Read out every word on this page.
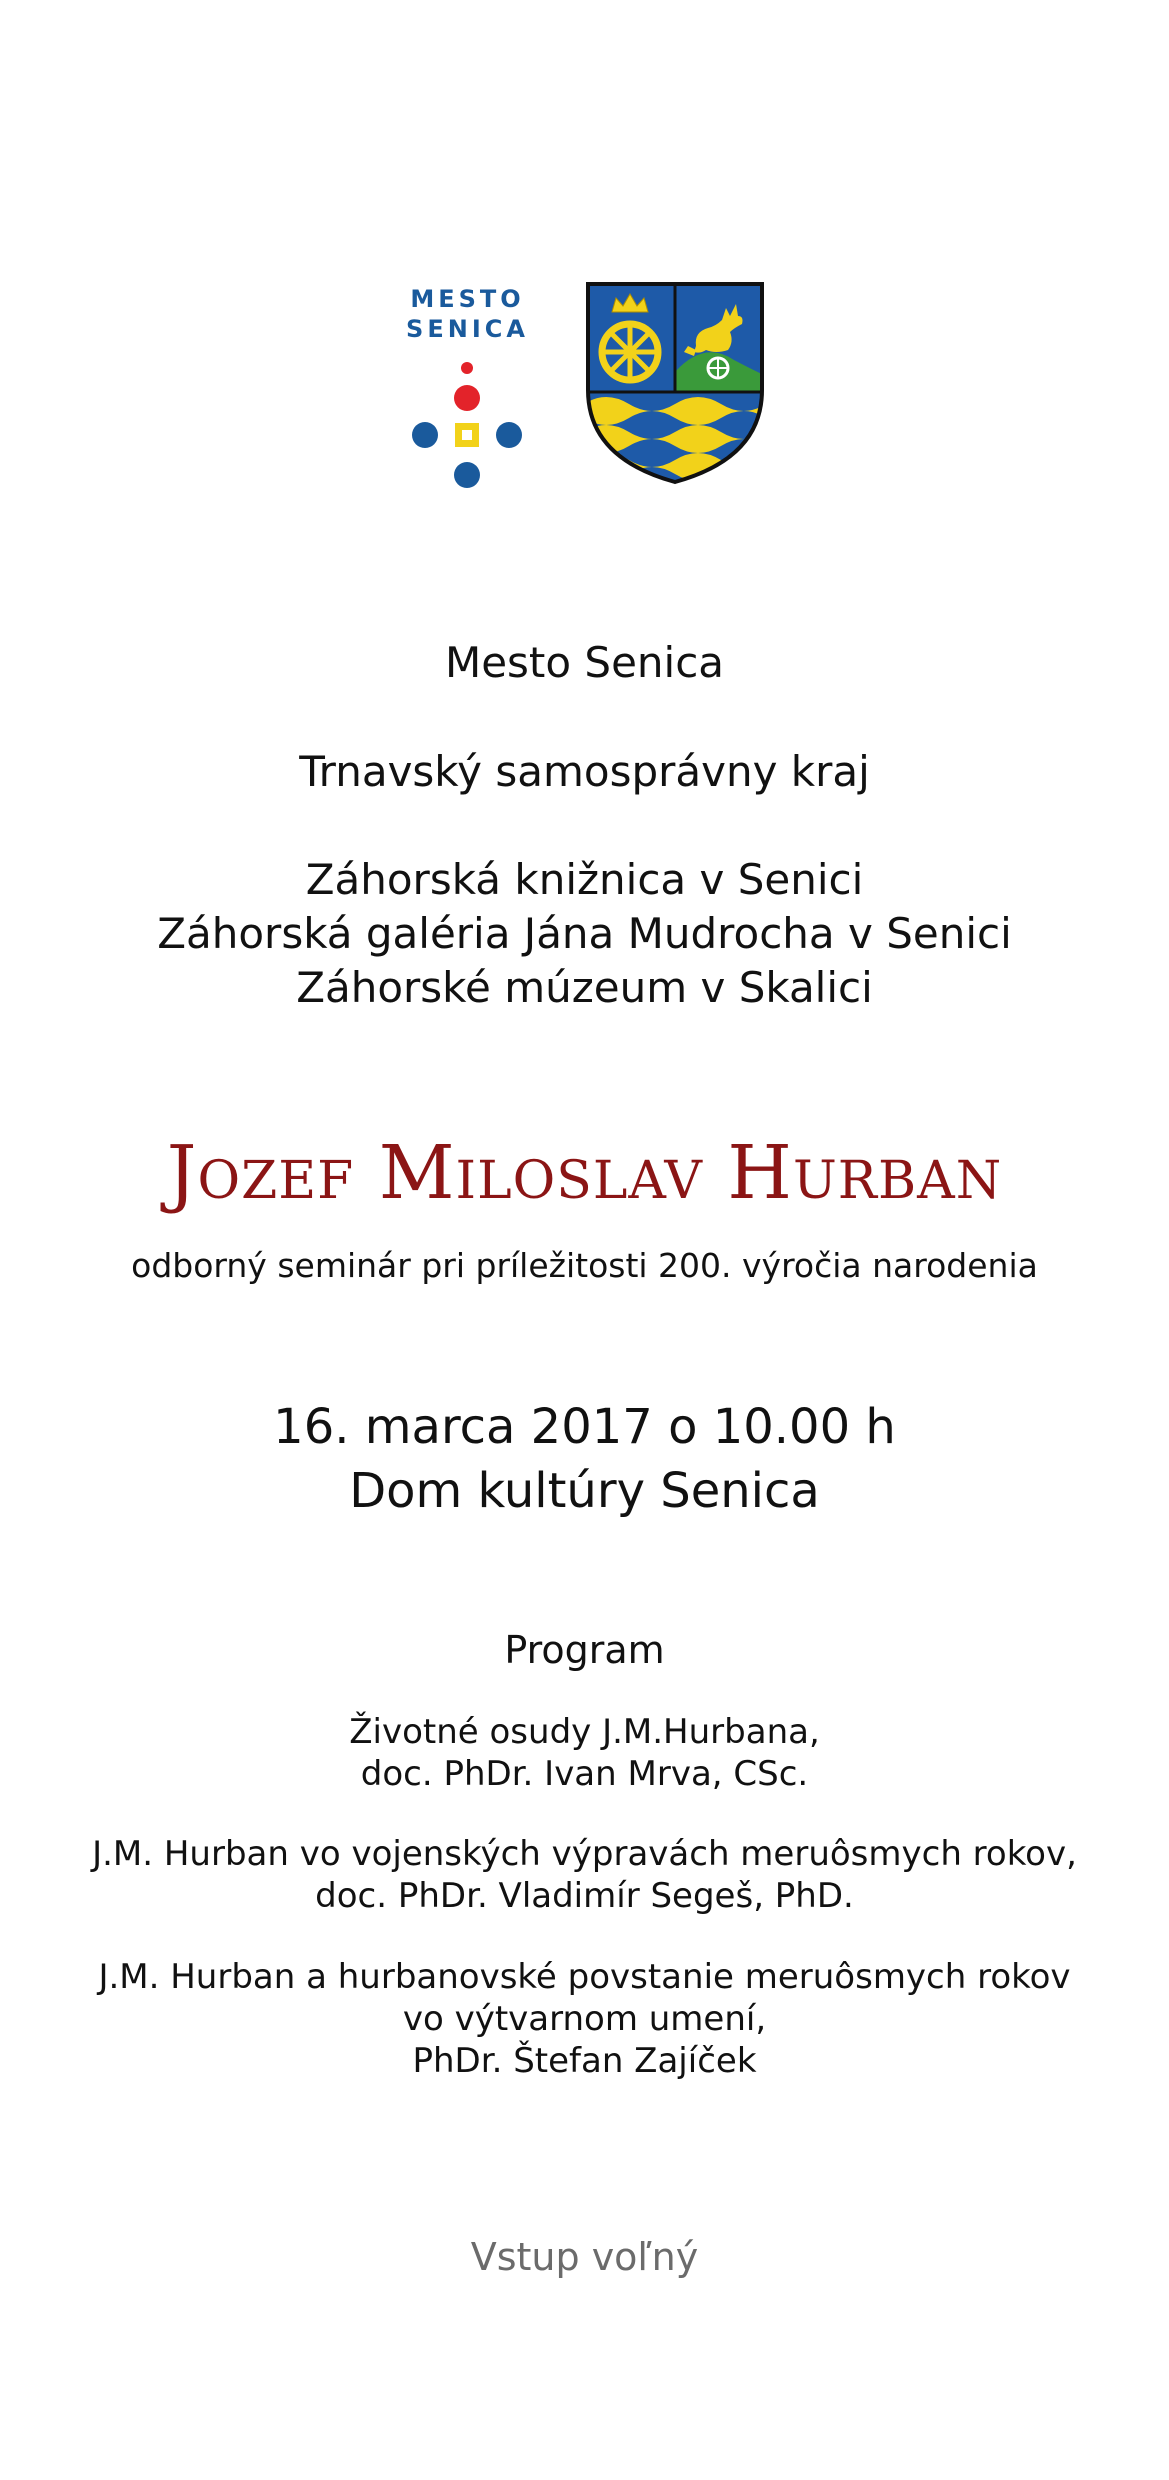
MESTO
SENICA
Mesto Senica
Trnavský samosprávny kraj
Záhorská knižnica v Senici
Záhorská galéria Jána Mudrocha v Senici
Záhorské múzeum v Skalici
Jozef Miloslav Hurban
odborný seminár pri príležitosti 200. výročia narodenia
16. marca 2017 o 10.00 h
Dom kultúry Senica
Program
Životné osudy J.M.Hurbana,
doc. PhDr. Ivan Mrva, CSc.
J.M. Hurban vo vojenských výpravách meruôsmych rokov,
doc. PhDr. Vladimír Segeš, PhD.
J.M. Hurban a hurbanovské povstanie meruôsmych rokov
vo výtvarnom umení,
PhDr. Štefan Zajíček
Vstup voľný
